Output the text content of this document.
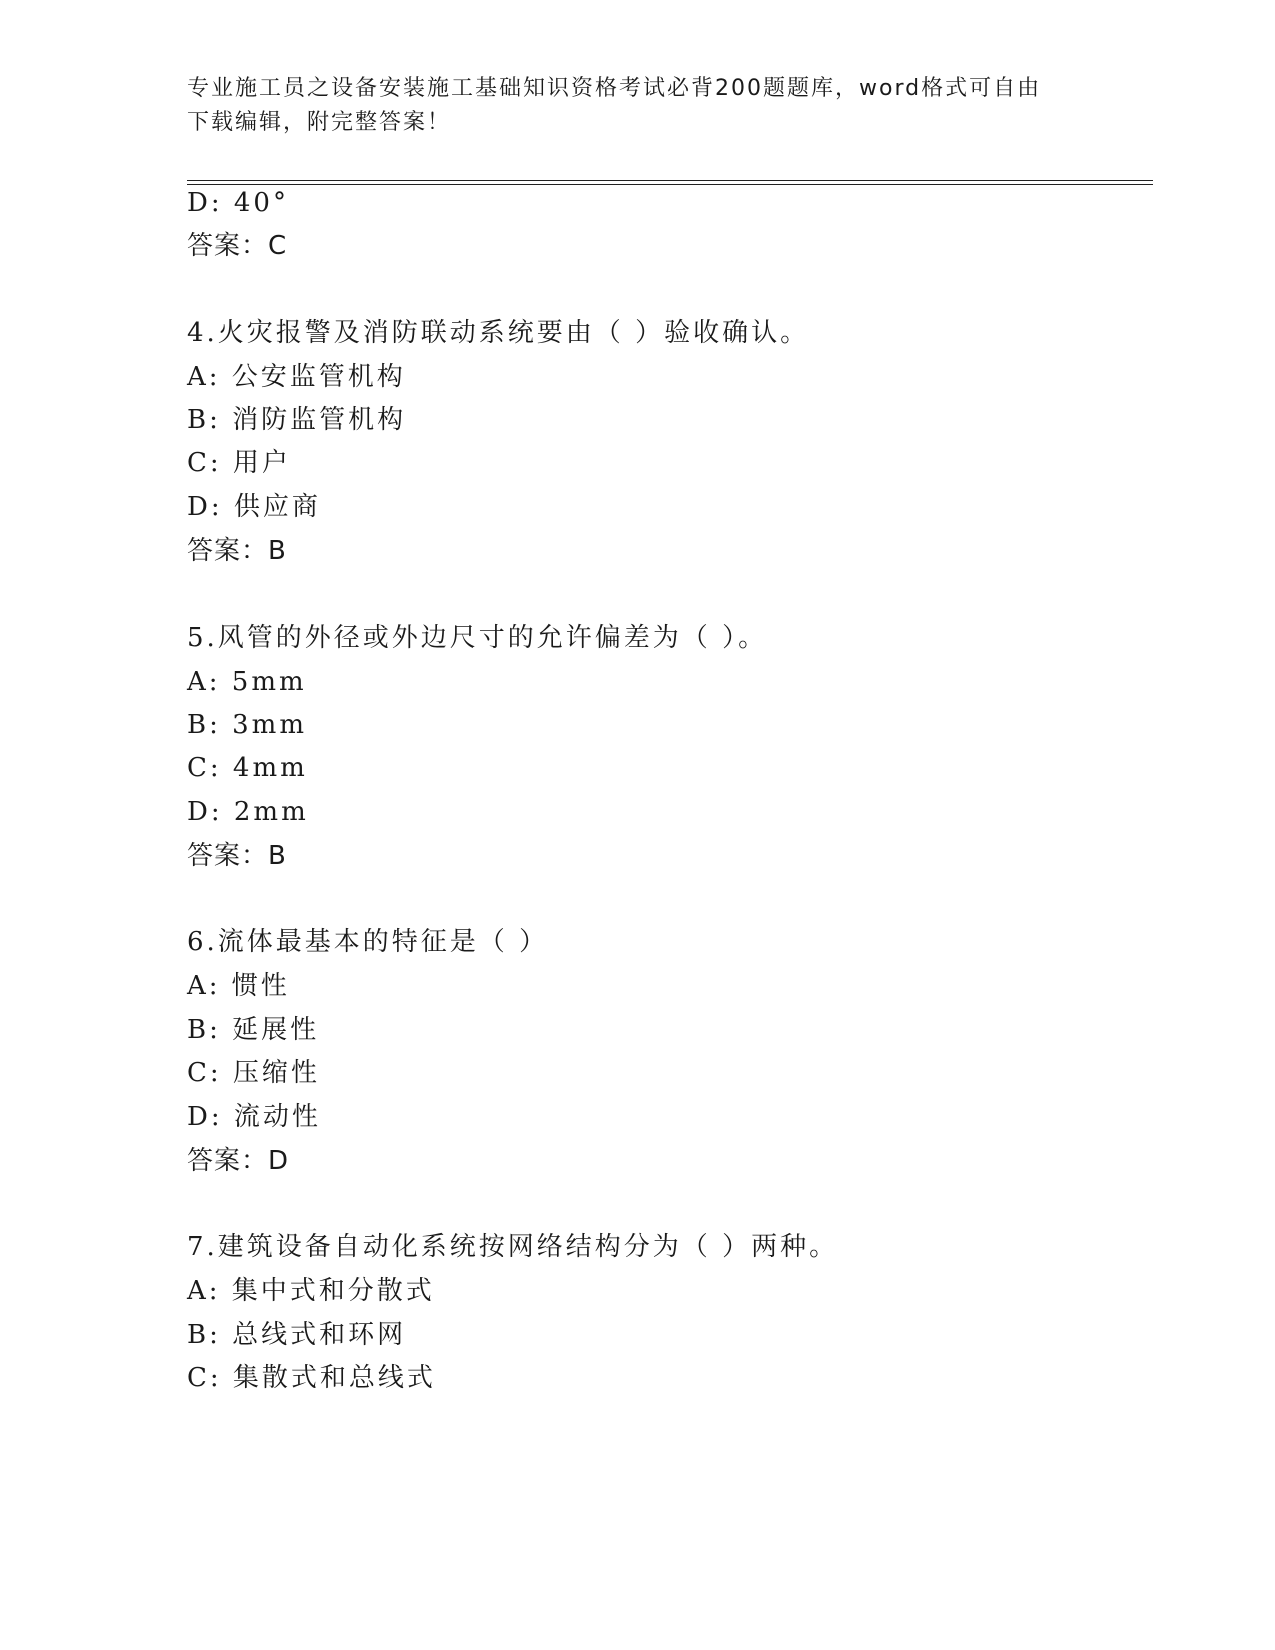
专业施工员之设备安装施工基础知识资格考试必背200题题库，word格式可自由
下载编辑，附完整答案！
D: 40°
答案：C
4.火灾报警及消防联动系统要由（ ）验收确认。
A: 公安监管机构
B: 消防监管机构
C: 用户
D: 供应商
答案：B
5.风管的外径或外边尺寸的允许偏差为（ ）。
A: 5mm
B: 3mm
C: 4mm
D: 2mm
答案：B
6.流体最基本的特征是（ ）
A: 惯性
B: 延展性
C: 压缩性
D: 流动性
答案：D
7.建筑设备自动化系统按网络结构分为（ ）两种。
A: 集中式和分散式
B: 总线式和环网
C: 集散式和总线式
